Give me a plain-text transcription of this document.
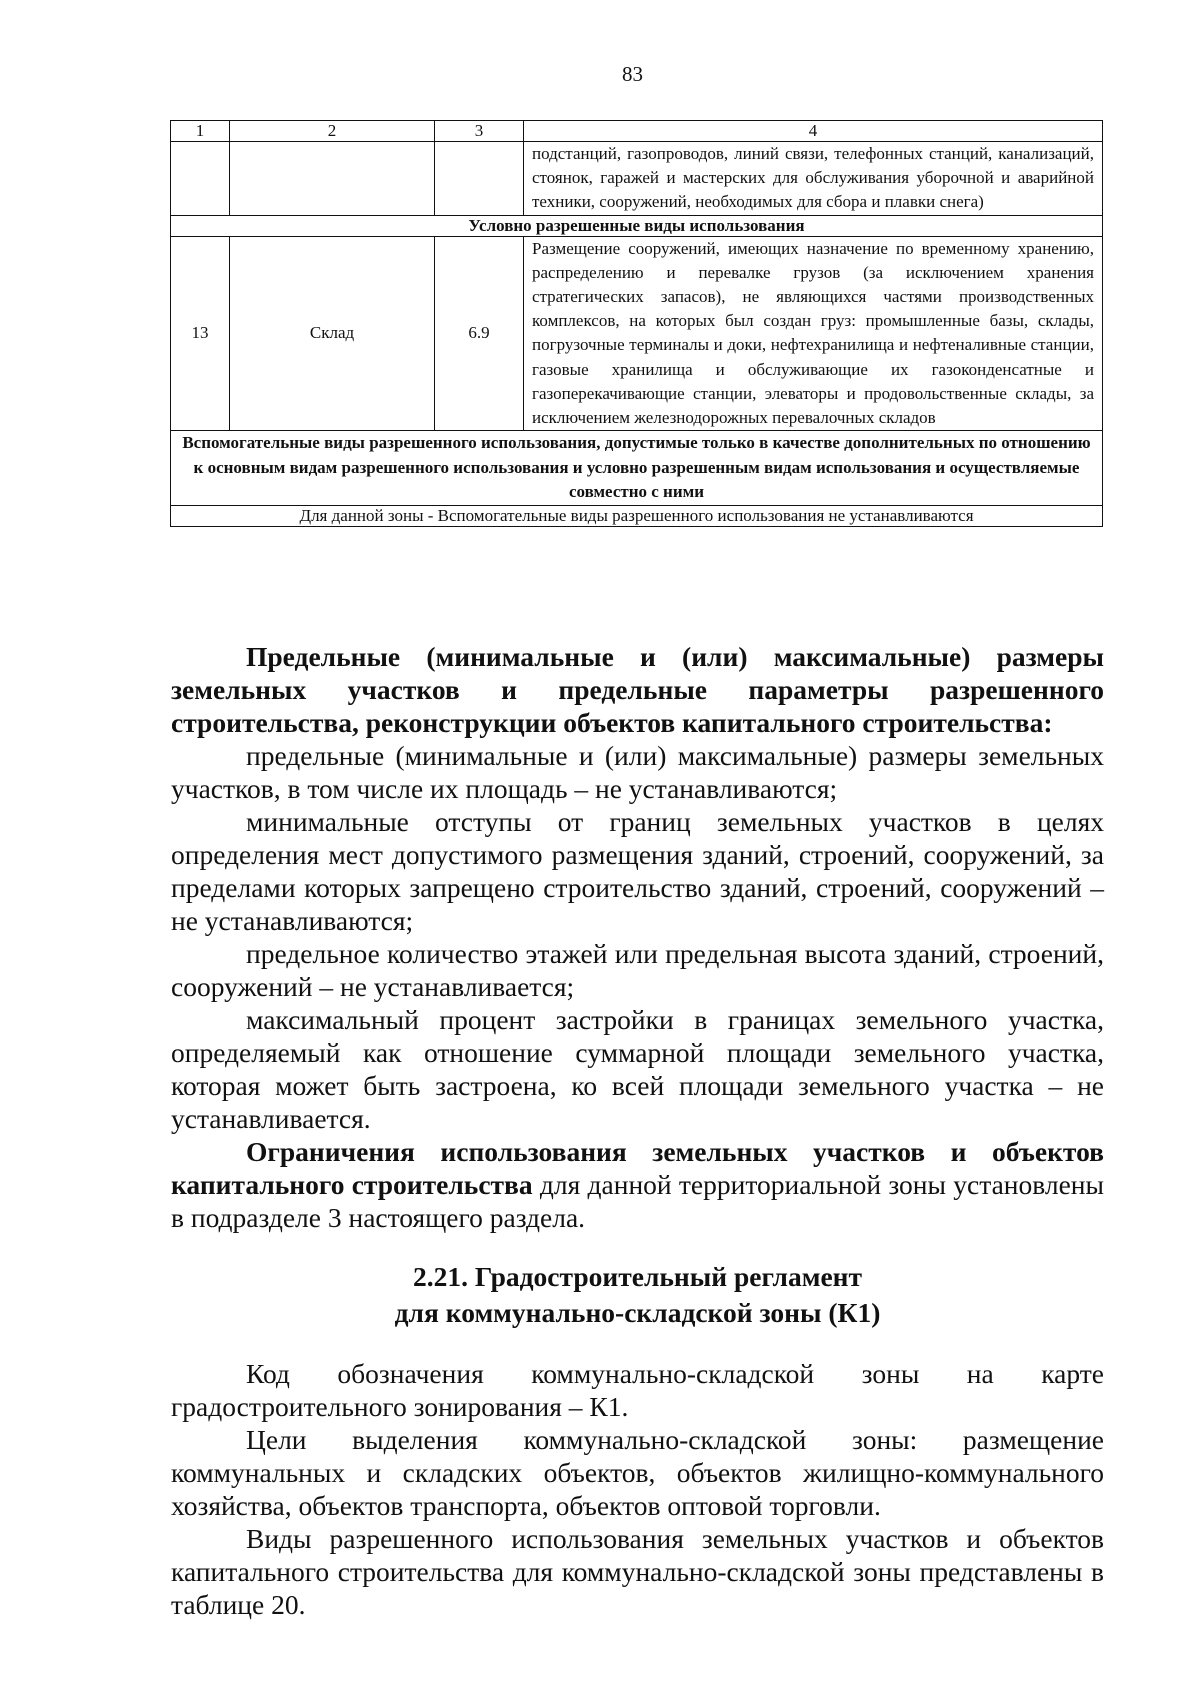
83
1	2	3	4
			подстанций, газопроводов, линий связи, телефонных станций, канализаций, стоянок, гаражей и мастерских для обслуживания уборочной и аварийной техники, сооружений, необходимых для сбора и плавки снега)
Условно разрешенные виды использования			
13	Склад	6.9	Размещение сооружений, имеющих назначение по временному хранению, распределению и перевалке грузов (за исключением хранения стратегических запасов), не являющихся частями производственных комплексов, на которых был создан груз: промышленные базы, склады, погрузочные терминалы и доки, нефтехранилища и нефтеналивные станции, газовые хранилища и обслуживающие их газоконденсатные и газоперекачивающие станции, элеваторы и продовольственные склады, за исключением железнодорожных перевалочных складов
Вспомогательные виды разрешенного использования, допустимые только в качестве дополнительных по отношению к основным видам разрешенного использования и условно разрешенным видам использования и осуществляемые совместно с ними			
Для данной зоны - Вспомогательные виды разрешенного использования не устанавливаются			

Предельные (минимальные и (или) максимальные) размеры земельных участков и предельные параметры разрешенного строительства, реконструкции объектов капитального строительства:

предельные (минимальные и (или) максимальные) размеры земельных участков, в том числе их площадь – не устанавливаются;

минимальные отступы от границ земельных участков в целях определения мест допустимого размещения зданий, строений, сооружений, за пределами которых запрещено строительство зданий, строений, сооружений – не устанавливаются;

предельное количество этажей или предельная высота зданий, строений, сооружений – не устанавливается;

максимальный процент застройки в границах земельного участка, определяемый как отношение суммарной площади земельного участка, которая может быть застроена, ко всей площади земельного участка – не устанавливается.

Ограничения использования земельных участков и объектов капитального строительства для данной территориальной зоны установлены в подразделе 3 настоящего раздела.

2.21. Градостроительный регламент
для коммунально-складской зоны (К1)

Код обозначения коммунально-складской зоны на карте градостроительного зонирования – К1.

Цели выделения коммунально-складской зоны: размещение коммунальных и складских объектов, объектов жилищно-коммунального хозяйства, объектов транспорта, объектов оптовой торговли.

Виды разрешенного использования земельных участков и объектов капитального строительства для коммунально-складской зоны представлены в таблице 20.
